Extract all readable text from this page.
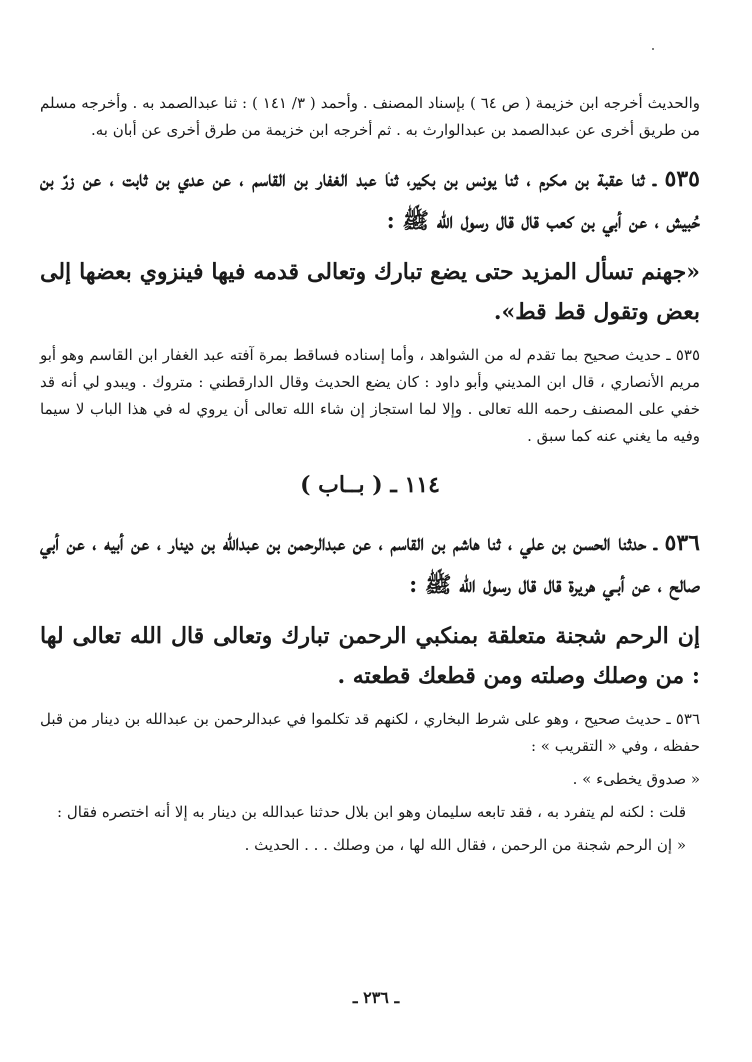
والحديث أخرجه ابن خزيمة ( ص ٦٤ ) بإسناد المصنف . وأحمد ( ٣/ ١٤١ ) : ثنا عبدالصمد به . وأخرجه مسلم من طريق أخرى عن عبدالصمد بن عبدالوارث به . ثم أخرجه ابن خزيمة من طرق أخرى عن أبان به.

٥٣٥ ـ ثنا عقبة بن مكرم ، ثنا يونس بن بكير، ثنا عبد الغفار بن القاسم ، عن عدي بن ثابت ، عن زرّ بن حُبيش ، عن أبي بن كعب قال قال رسول الله ﷺ :

«جهنم تسأل المزيد حتى يضع تبارك وتعالى قدمه فيها فينزوي بعضها إلى بعض وتقول قط قط».

٥٣٥ ـ حديث صحيح بما تقدم له من الشواهد ، وأما إسناده فساقط بمرة آفته عبد الغفار ابن القاسم وهو أبو مريم الأنصاري ، قال ابن المديني وأبو داود : كان يضع الحديث وقال الدارقطني : متروك . ويبدو لي أنه قد خفي على المصنف رحمه الله تعالى . وإلا لما استجاز إن شاء الله تعالى أن يروي له في هذا الباب لا سيما وفيه ما يغني عنه كما سبق .

١١٤ ـ ( بــاب )

٥٣٦ ـ حدثنا الحسن بن علي ، ثنا هاشم بن القاسم ، عن عبدالرحمن بن عبدالله بن دينار ، عن أبيه ، عن أبي صالح ، عن أبـي هريرة قال قال رسول الله ﷺ :

إن الرحم شجنة متعلقة بمنكبي الرحمن تبارك وتعالى قال الله تعالى لها : من وصلك وصلته ومن قطعك قطعته .

٥٣٦ ـ حديث صحيح ، وهو على شرط البخاري ، لكنهم قد تكلموا في عبدالرحمن بن عبدالله بن دينار من قبل حفظه ، وفي « التقريب » :

« صدوق يخطىء » .

قلت : لكنه لم يتفرد به ، فقد تابعه سليمان وهو ابن بلال حدثنا عبدالله بن دينار به إلا أنه اختصره فقال :

« إن الرحم شجنة من الرحمن ، فقال الله لها ، من وصلك . . . الحديث .

ـ ٢٣٦ ـ
